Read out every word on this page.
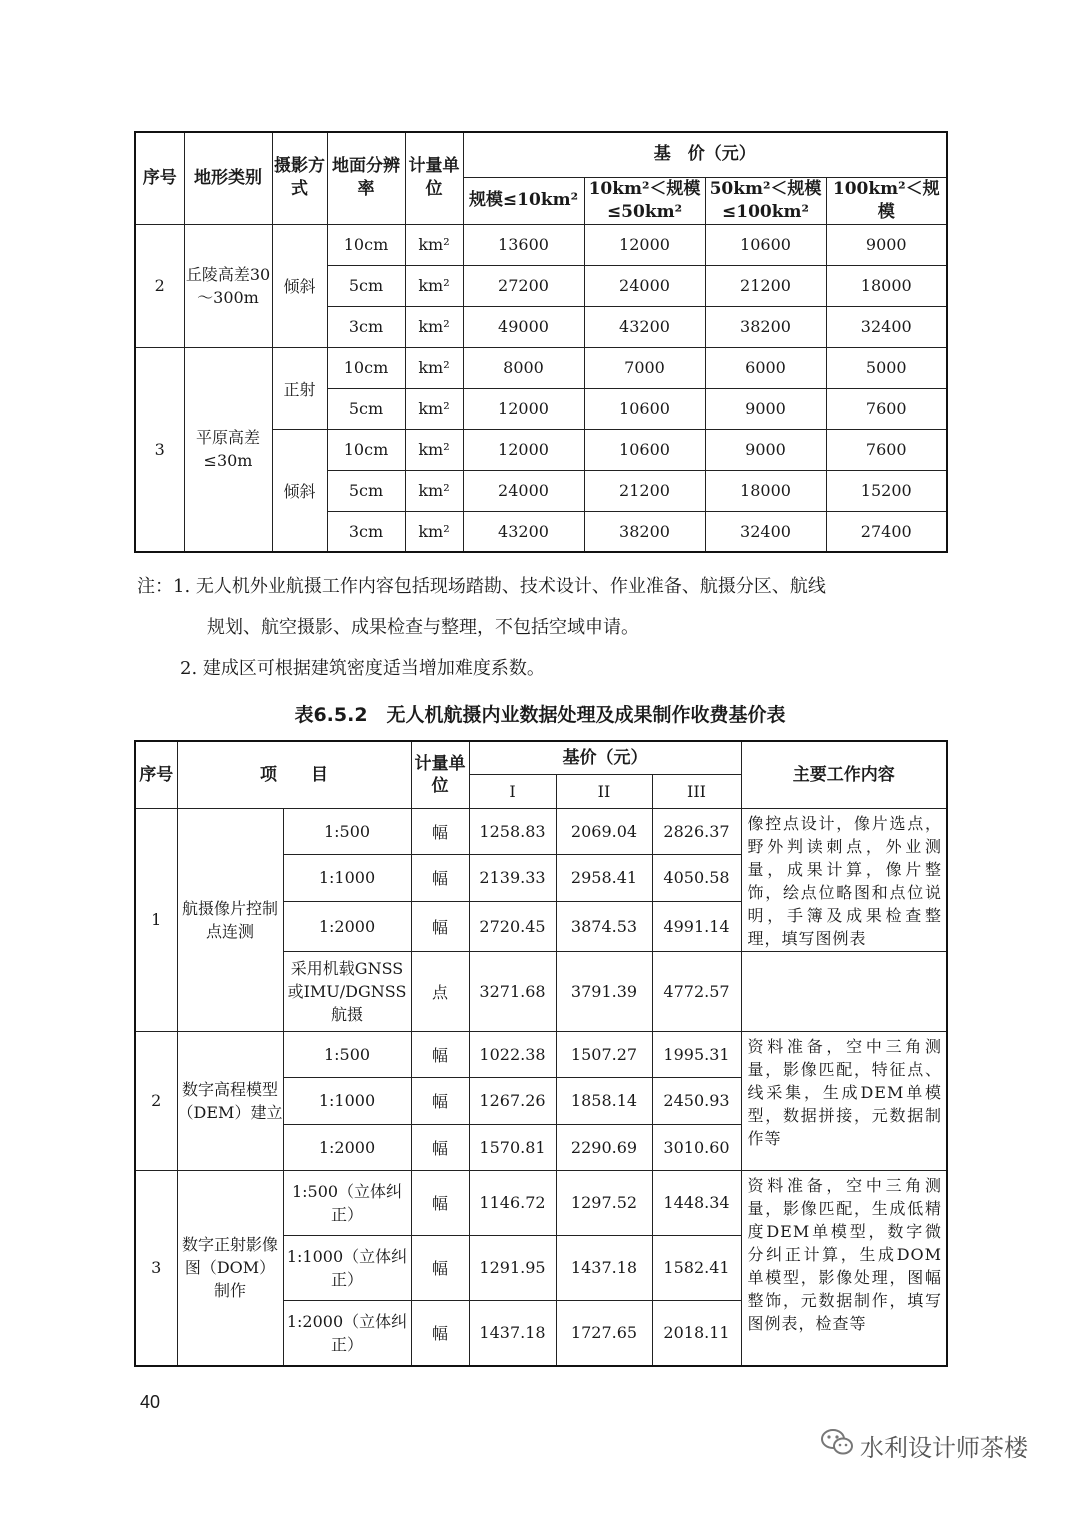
序号	地形类别	摄影方式	地面分辨率	计量单位	基　价（元）			
					规模≤10km²	10km²＜规模≤50km²	50km²＜规模≤100km²	100km²＜规模
2	丘陵高差30～300m	倾斜	10cm	km²	13600	12000	10600	9000
			5cm	km²	27200	24000	21200	18000
			3cm	km²	49000	43200	38200	32400
3	平原高差≤30m	正射	10cm	km²	8000	7000	6000	5000
			5cm	km²	12000	10600	9000	7600
		倾斜	10cm	km²	12000	10600	9000	7600
			5cm	km²	24000	21200	18000	15200
			3cm	km²	43200	38200	32400	27400
注：1. 无人机外业航摄工作内容包括现场踏勘、技术设计、作业准备、航摄分区、航线
规划、航空摄影、成果检查与整理，不包括空域申请。
2. 建成区可根据建筑密度适当增加难度系数。
表6.5.2　无人机航摄内业数据处理及成果制作收费基价表
序号	项　　目		计量单位	基价（元）			主要工作内容
				I	II	III	
1	航摄像片控制点连测	1:500	幅	1258.83	2069.04	2826.37	像控点设计，像片选点，野外判读刺点，外业测量，成果计算，像片整饰，绘点位略图和点位说明，手簿及成果检查整理，填写图例表
		1:1000	幅	2139.33	2958.41	4050.58	
		1:2000	幅	2720.45	3874.53	4991.14	
		采用机载GNSS或IMU/DGNSS航摄	点	3271.68	3791.39	4772.57	
2	数字高程模型（DEM）建立	1:500	幅	1022.38	1507.27	1995.31	资料准备，空中三角测量，影像匹配，特征点、线采集，生成DEM单模型，数据拼接，元数据制作等
		1:1000	幅	1267.26	1858.14	2450.93	
		1:2000	幅	1570.81	2290.69	3010.60	
3	数字正射影像图（DOM）制作	1:500（立体纠正）	幅	1146.72	1297.52	1448.34	资料准备，空中三角测量，影像匹配，生成低精度DEM单模型，数字微分纠正计算，生成DOM单模型，影像处理，图幅整饰，元数据制作，填写图例表，检查等
		1:1000（立体纠正）	幅	1291.95	1437.18	1582.41	
		1:2000（立体纠正）	幅	1437.18	1727.65	2018.11	
40
水利设计师茶楼
